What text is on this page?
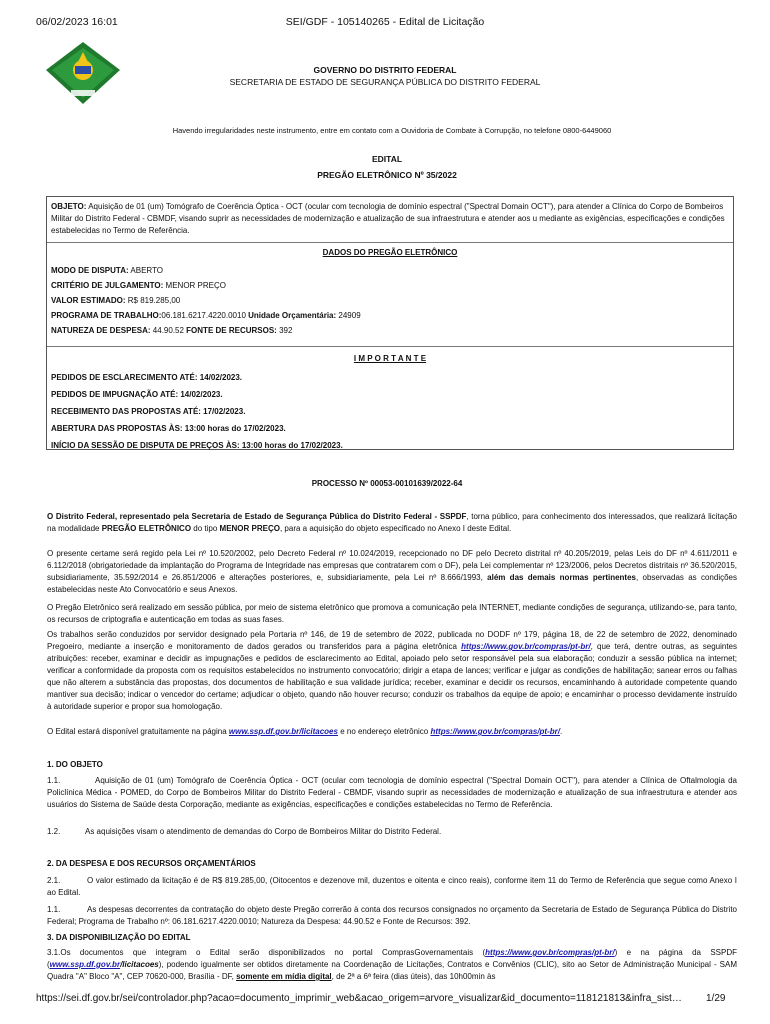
06/02/2023 16:01	SEI/GDF - 105140265 - Edital de Licitação
GOVERNO DO DISTRITO FEDERAL
SECRETARIA DE ESTADO DE SEGURANÇA PÚBLICA DO DISTRITO FEDERAL
Havendo irregularidades neste instrumento, entre em contato com a Ouvidoria de Combate à Corrupção, no telefone 0800-6449060
EDITAL
PREGÃO ELETRÔNICO Nº 35/2022
OBJETO: Aquisição de 01 (um) Tomógrafo de Coerência Óptica - OCT (ocular com tecnologia de domínio espectral ("Spectral Domain OCT"), para atender a Clínica do Corpo de Bombeiros Militar do Distrito Federal - CBMDF, visando suprir as necessidades de modernização e atualização de sua infraestrutura e atender aos u mediante as exigências, especificações e condições estabelecidas no Termo de Referência.
DADOS DO PREGÃO ELETRÔNICO
MODO DE DISPUTA: ABERTO
CRITÉRIO DE JULGAMENTO: MENOR PREÇO
VALOR ESTIMADO: R$ 819.285,00
PROGRAMA DE TRABALHO:06.181.6217.4220.0010 Unidade Orçamentária: 24909
NATUREZA DE DESPESA: 44.90.52 FONTE DE RECURSOS: 392
I M P O R T A N T E
PEDIDOS DE ESCLARECIMENTO ATÉ: 14/02/2023.
PEDIDOS DE IMPUGNAÇÃO ATÉ: 14/02/2023.
RECEBIMENTO DAS PROPOSTAS ATÉ: 17/02/2023.
ABERTURA DAS PROPOSTAS ÀS: 13:00 horas do 17/02/2023.
INÍCIO DA SESSÃO DE DISPUTA DE PREÇOS ÀS: 13:00 horas do 17/02/2023.
PROCESSO Nº 00053-00101639/2022-64
O Distrito Federal, representado pela Secretaria de Estado de Segurança Pública do Distrito Federal - SSPDF, torna público, para conhecimento dos interessados, que realizará licitação na modalidade PREGÃO ELETRÔNICO do tipo MENOR PREÇO, para a aquisição do objeto especificado no Anexo I deste Edital.
O presente certame será regido pela Lei nº 10.520/2002, pelo Decreto Federal nº 10.024/2019, recepcionado no DF pelo Decreto distrital nº 40.205/2019, pelas Leis do DF nº 4.611/2011 e 6.112/2018 (obrigatoriedade da implantação do Programa de Integridade nas empresas que contratarem com o DF), pela Lei complementar nº 123/2006, pelos Decretos distritais nº 36.520/2015, subsidiariamente, 35.592/2014 e 26.851/2006 e alterações posteriores, e, subsidiariamente, pela Lei nº 8.666/1993, além das demais normas pertinentes, observadas as condições estabelecidas neste Ato Convocatório e seus Anexos.
O Pregão Eletrônico será realizado em sessão pública, por meio de sistema eletrônico que promova a comunicação pela INTERNET, mediante condições de segurança, utilizando-se, para tanto, os recursos de criptografia e autenticação em todas as suas fases.
Os trabalhos serão conduzidos por servidor designado pela Portaria nº 146, de 19 de setembro de 2022, publicada no DODF nº 179, página 18, de 22 de setembro de 2022, denominado Pregoeiro, mediante a inserção e monitoramento de dados gerados ou transferidos para a página eletrônica https://www.gov.br/compras/pt-br/, que terá, dentre outras, as seguintes atribuições: receber, examinar e decidir as impugnações e pedidos de esclarecimento ao Edital, apoiado pelo setor responsável pela sua elaboração; conduzir a sessão pública na internet; verificar a conformidade da proposta com os requisitos estabelecidos no instrumento convocatório; dirigir a etapa de lances; verificar e julgar as condições de habilitação; sanear erros ou falhas que não alterem a substância das propostas, dos documentos de habilitação e sua validade jurídica; receber, examinar e decidir os recursos, encaminhando à autoridade competente quando mantiver sua decisão; indicar o vencedor do certame; adjudicar o objeto, quando não houver recurso; conduzir os trabalhos da equipe de apoio; e encaminhar o processo devidamente instruído à autoridade superior e propor sua homologação.
O Edital estará disponível gratuitamente na página www.ssp.df.gov.br/licitacoes e no endereço eletrônico https://www.gov.br/compras/pt-br/.
1. DO OBJETO
1.1.	Aquisição de 01 (um) Tomógrafo de Coerência Óptica - OCT (ocular com tecnologia de domínio espectral ("Spectral Domain OCT"), para atender a Clínica de Oftalmologia da Policlínica Médica - POMED, do Corpo de Bombeiros Militar do Distrito Federal - CBMDF, visando suprir as necessidades de modernização e atualização de sua infraestrutura e atender aos usuários do Sistema de Saúde desta Corporação, mediante as exigências, especificações e condições estabelecidas no Termo de Referência.
1.2.	As aquisições visam o atendimento de demandas do Corpo de Bombeiros Militar do Distrito Federal.
2. DA DESPESA E DOS RECURSOS ORÇAMENTÁRIOS
2.1.	O valor estimado da licitação é de R$ 819.285,00, (Oitocentos e dezenove mil, duzentos e oitenta e cinco reais), conforme item 11 do Termo de Referência que segue como Anexo I ao Edital.
1.1.	As despesas decorrentes da contratação do objeto deste Pregão correrão à conta dos recursos consignados no orçamento da Secretaria de Estado de Segurança Pública do Distrito Federal; Programa de Trabalho nº: 06.181.6217.4220.0010; Natureza da Despesa: 44.90.52 e Fonte de Recursos: 392.
3. DA DISPONIBILIZAÇÃO DO EDITAL
3.1.Os documentos que integram o Edital serão disponibilizados no portal ComprasGovernamentais (https://www.gov.br/compras/pt-br/) e na página da SSPDF (www.ssp.df.gov.br/licitacoes), podendo igualmente ser obtidos diretamente na Coordenação de Licitações, Contratos e Convênios (CLIC), sito ao Setor de Administração Municipal - SAM Quadra "A" Bloco "A", CEP 70620-000, Brasília - DF, somente em mídia digital, de 2ª a 6ª feira (dias úteis), das 10h00min às
https://sei.df.gov.br/sei/controlador.php?acao=documento_imprimir_web&acao_origem=arvore_visualizar&id_documento=118121813&infra_sist…	1/29
